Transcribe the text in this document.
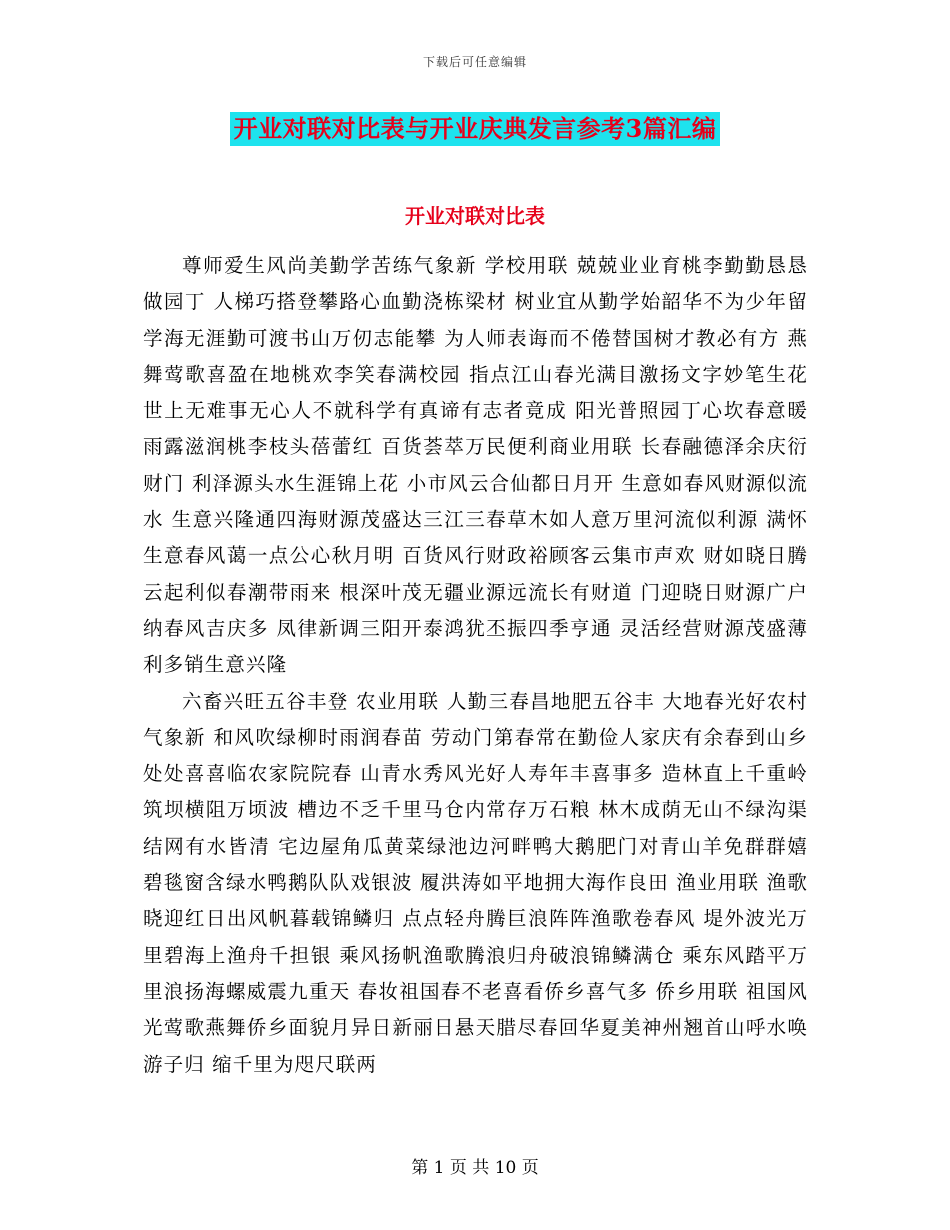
下载后可任意编辑
开业对联对比表与开业庆典发言参考3篇汇编
开业对联对比表

尊师爱生风尚美勤学苦练气象新 学校用联 兢兢业业育桃李勤勤恳恳做园丁 人梯巧搭登攀路心血勤浇栋梁材 树业宜从勤学始韶华不为少年留 学海无涯勤可渡书山万仞志能攀 为人师表诲而不倦替国树才教必有方 燕舞莺歌喜盈在地桃欢李笑春满校园 指点江山春光满目激扬文字妙笔生花 世上无难事无心人不就科学有真谛有志者竟成 阳光普照园丁心坎春意暖雨露滋润桃李枝头蓓蕾红 百货荟萃万民便利商业用联 长春融德泽余庆衍财门 利泽源头水生涯锦上花 小市风云合仙都日月开 生意如春风财源似流水 生意兴隆通四海财源茂盛达三江三春草木如人意万里河流似利源 满怀生意春风蔼一点公心秋月明 百货风行财政裕顾客云集市声欢 财如晓日腾云起利似春潮带雨来 根深叶茂无疆业源远流长有财道 门迎晓日财源广户纳春风吉庆多 凤律新调三阳开泰鸿犹丕振四季亨通 灵活经营财源茂盛薄利多销生意兴隆

六畜兴旺五谷丰登 农业用联 人勤三春昌地肥五谷丰 大地春光好农村气象新 和风吹绿柳时雨润春苗 劳动门第春常在勤俭人家庆有余春到山乡处处喜喜临农家院院春 山青水秀风光好人寿年丰喜事多 造林直上千重岭筑坝横阻万顷波 槽边不乏千里马仓内常存万石粮 林木成荫无山不绿沟渠结网有水皆清 宅边屋角瓜黄菜绿池边河畔鸭大鹅肥门对青山羊免群群嬉碧毯窗含绿水鸭鹅队队戏银波 履洪涛如平地拥大海作良田 渔业用联 渔歌晓迎红日出风帆暮载锦鳞归 点点轻舟腾巨浪阵阵渔歌卷春风 堤外波光万里碧海上渔舟千担银 乘风扬帆渔歌腾浪归舟破浪锦鳞满仓 乘东风踏平万里浪扬海螺威震九重天 春妆祖国春不老喜看侨乡喜气多 侨乡用联 祖国风光莺歌燕舞侨乡面貌月异日新丽日悬天腊尽春回华夏美神州翘首山呼水唤游子归 缩千里为咫尺联两

第 1 页 共 10 页
